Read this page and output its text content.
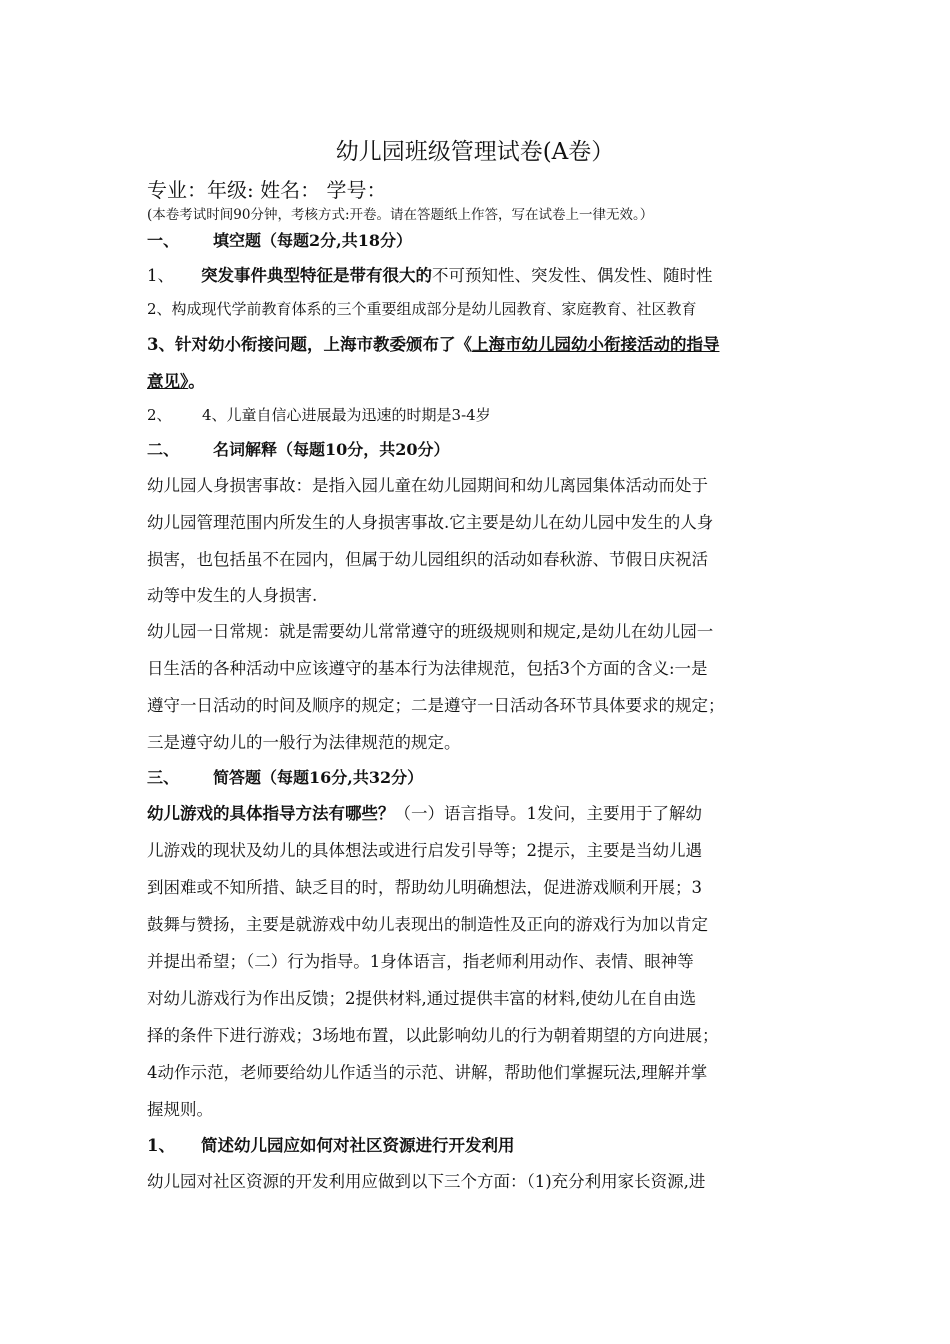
幼儿园班级管理试卷(A卷）
专业：年级: 姓名： 学号：
(本卷考试时间90分钟，考核方式:开卷。请在答题纸上作答，写在试卷上一律无效。）
一、 填空题（每题2分,共18分）
1、 突发事件典型特征是带有很大的不可预知性、突发性、偶发性、随时性
2、构成现代学前教育体系的三个重要组成部分是幼儿园教育、家庭教育、社区教育
3、针对幼小衔接问题，上海市教委颁布了《上海市幼儿园幼小衔接活动的指导
意见》。
2、 4、儿童自信心进展最为迅速的时期是3-4岁
二、 名词解释（每题10分，共20分）
幼儿园人身损害事故：是指入园儿童在幼儿园期间和幼儿离园集体活动而处于
幼儿园管理范围内所发生的人身损害事故.它主要是幼儿在幼儿园中发生的人身
损害，也包括虽不在园内，但属于幼儿园组织的活动如春秋游、节假日庆祝活
动等中发生的人身损害.
幼儿园一日常规：就是需要幼儿常常遵守的班级规则和规定,是幼儿在幼儿园一
日生活的各种活动中应该遵守的基本行为法律规范，包括3个方面的含义:一是
遵守一日活动的时间及顺序的规定；二是遵守一日活动各环节具体要求的规定；
三是遵守幼儿的一般行为法律规范的规定。
三、 简答题（每题16分,共32分）
幼儿游戏的具体指导方法有哪些？（一）语言指导。1发问，主要用于了解幼
儿游戏的现状及幼儿的具体想法或进行启发引导等；2提示，主要是当幼儿遇
到困难或不知所措、缺乏目的时，帮助幼儿明确想法，促进游戏顺利开展；3
鼓舞与赞扬，主要是就游戏中幼儿表现出的制造性及正向的游戏行为加以肯定
并提出希望；（二）行为指导。1身体语言，指老师利用动作、表情、眼神等
对幼儿游戏行为作出反馈；2提供材料,通过提供丰富的材料,使幼儿在自由选
择的条件下进行游戏；3场地布置，以此影响幼儿的行为朝着期望的方向进展；
4动作示范，老师要给幼儿作适当的示范、讲解，帮助他们掌握玩法,理解并掌
握规则。
1、 简述幼儿园应如何对社区资源进行开发利用
幼儿园对社区资源的开发利用应做到以下三个方面：（1)充分利用家长资源,进
